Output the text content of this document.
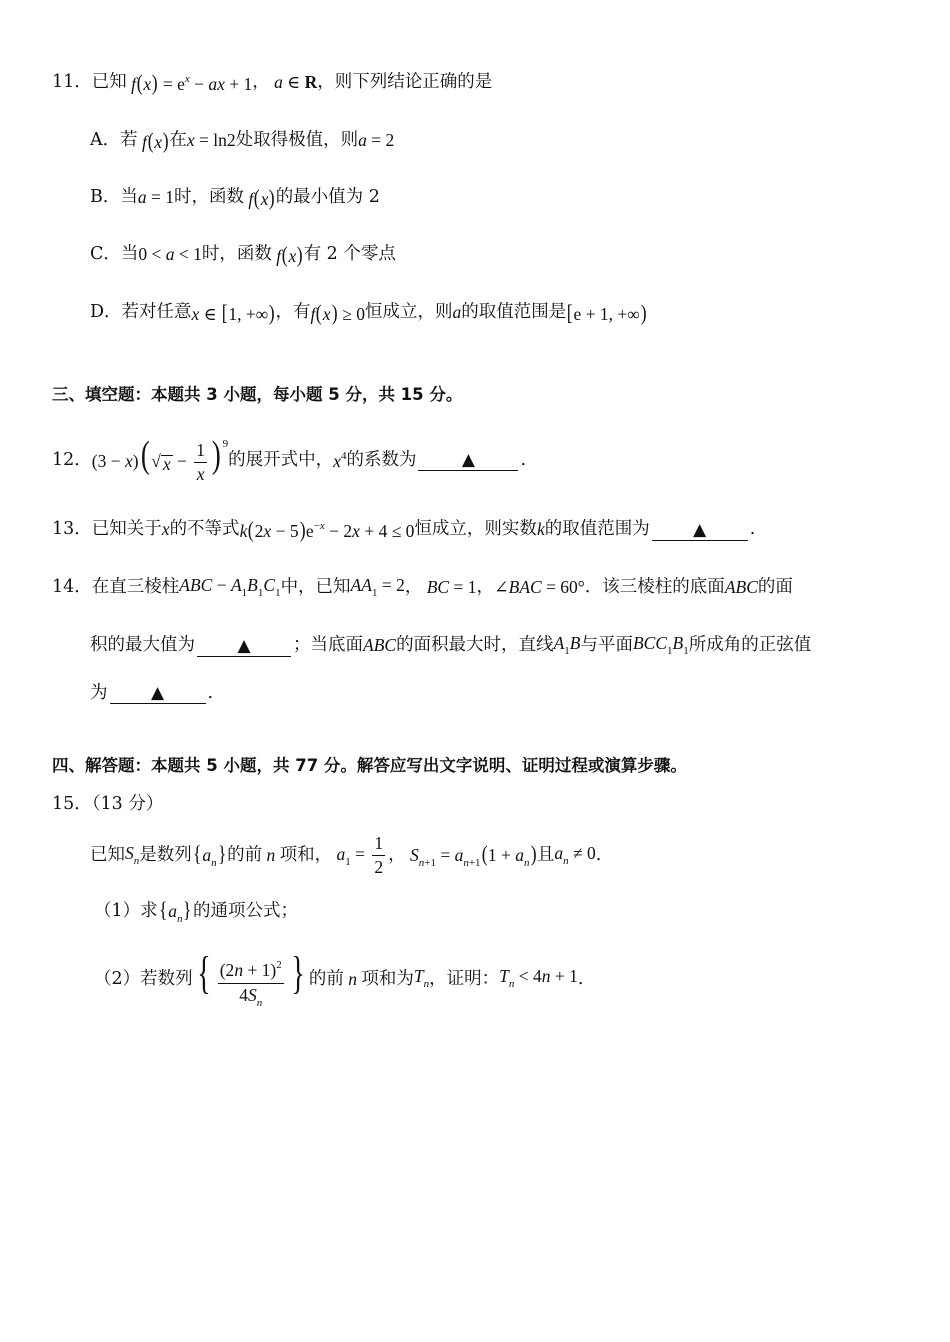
11． 已知 $f(x) = e^x$ − ax + 1 ， a ∈ R ，则下列结论正确的是
A．若 f(x) 在 x = ln2 处取得极值，则 a = 2
B．当 a = 1 时，函数 f(x) 的最小值为 2
C．当 0 < a < 1 时，函数 f(x) 有 2 个零点
D．若对任意 x ∈ [1, +∞) ，有 f(x) ≥ 0 恒成立，则 a 的取值范围是 [e + 1, +∞)
三、填空题：本题共 3 小题，每小题 5 分，共 15 分。
12． (3 − x)( √ $x - \frac{1}{x}$ ) $^9$
的展开式中， $x^4$ 的系数为	▲	.
13． 已知关于 x 的不等式 $k(2x - 5)e^{-x} - 2x + 4 \le 0$ 恒成立，则实数 k 的取值范围为	▲	.
14． 在直三棱柱 ABC − $A_1B_1C_1$ 中，已知 $AA_1 = 2$ ， BC = 1 ， ∠BAC = 60° ．该三棱柱的底面 ABC 的面
积的最大值为	▲	；当底面 ABC 的面积最大时，直线 $A_1B$ 与平面 $BCC_1B_1$ 所成角的正弦值
为	▲	.
四、解答题：本题共 5 小题，共 77 分。解答应写出文字说明、证明过程或演算步骤。
15．（13 分）
已知 $S_n$ 是数列 $\{a_n\}$ 的前 n 项和， $a_1 = \frac{1}{2}$ ， $S_{n+1} = a_{n+1}(1 + a_n)$ 且 $a_n \ne 0$ .
（1）求 $\{a_n\}$ 的通项公式；
（2）若数列 { $\frac{(2n + 1)^2}{4S_n}$ } 的前 n 项和为 $T_n$ ，证明： $T_n < 4n + 1$ .
